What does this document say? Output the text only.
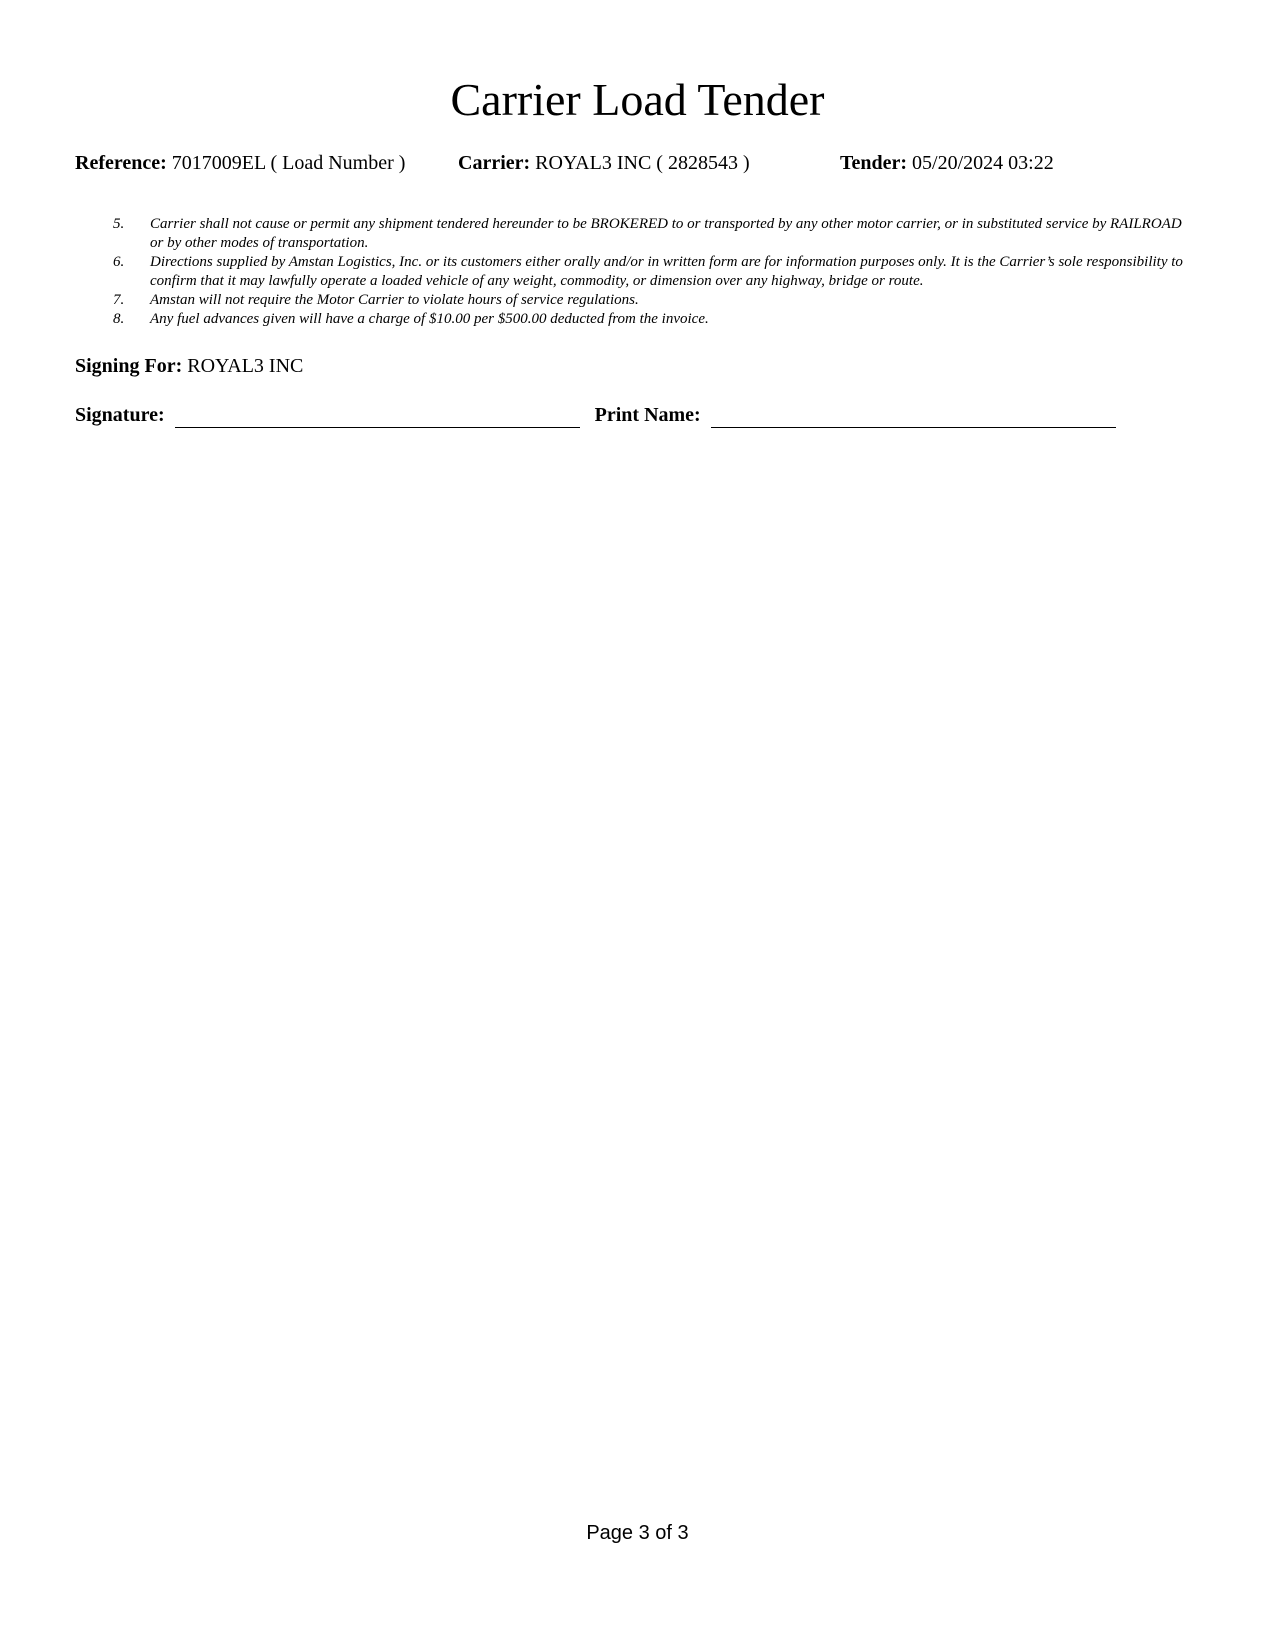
Carrier Load Tender
Reference: 7017009EL ( Load Number )	Carrier: ROYAL3 INC ( 2828543 )	Tender: 05/20/2024 03:22
5.	Carrier shall not cause or permit any shipment tendered hereunder to be BROKERED to or transported by any other motor carrier, or in substituted service by RAILROAD or by other modes of transportation.
6.	Directions supplied by Amstan Logistics, Inc. or its customers either orally and/or in written form are for information purposes only. It is the Carrier’s sole responsibility to confirm that it may lawfully operate a loaded vehicle of any weight, commodity, or dimension over any highway, bridge or route.
7.	Amstan will not require the Motor Carrier to violate hours of service regulations.
8.	Any fuel advances given will have a charge of $10.00 per $500.00 deducted from the invoice.
Signing For: ROYAL3 INC
Signature:	Print Name:
Page 3 of 3
